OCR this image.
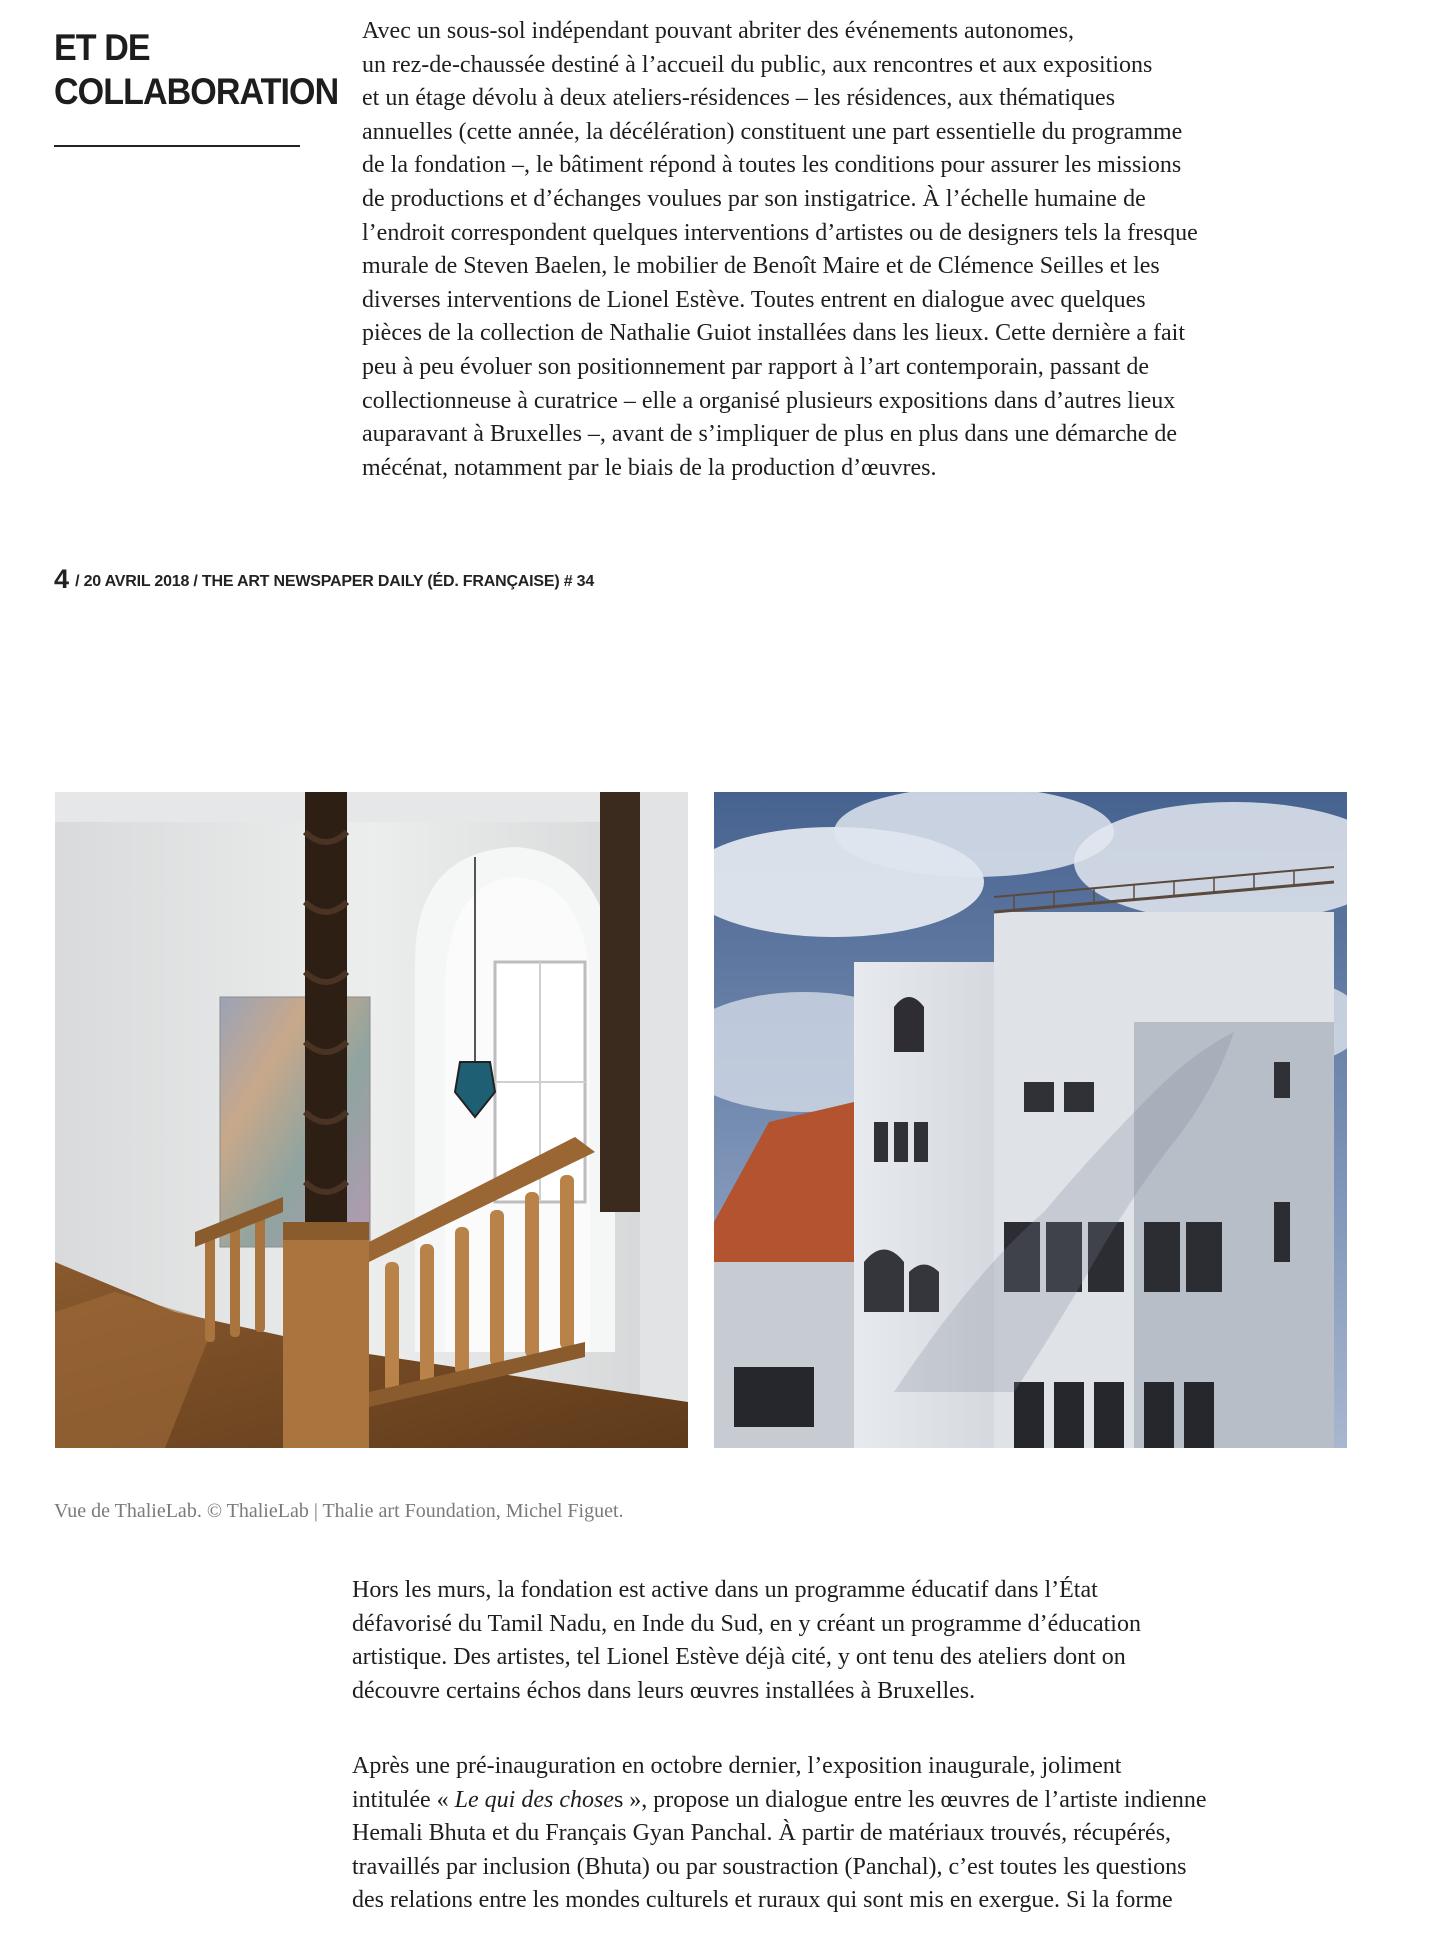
ET DE
COLLABORATION
Avec un sous-sol indépendant pouvant abriter des événements autonomes,
un rez-de-chaussée destiné à l’accueil du public, aux rencontres et aux expositions
et un étage dévolu à deux ateliers-résidences – les résidences, aux thématiques
annuelles (cette année, la décélération) constituent une part essentielle du programme
de la fondation –, le bâtiment répond à toutes les conditions pour assurer les missions
de productions et d’échanges voulues par son instigatrice. À l’échelle humaine de
l’endroit correspondent quelques interventions d’artistes ou de designers tels la fresque
murale de Steven Baelen, le mobilier de Benoît Maire et de Clémence Seilles et les
diverses interventions de Lionel Estève. Toutes entrent en dialogue avec quelques
pièces de la collection de Nathalie Guiot installées dans les lieux. Cette dernière a fait
peu à peu évoluer son positionnement par rapport à l’art contemporain, passant de
collectionneuse à curatrice – elle a organisé plusieurs expositions dans d’autres lieux
auparavant à Bruxelles –, avant de s’impliquer de plus en plus dans une démarche de
mécénat, notamment par le biais de la production d’œuvres.
4 / 20 AVRIL 2018 / THE ART NEWSPAPER DAILY (ÉD. FRANÇAISE) # 34
Vue de ThalieLab. © ThalieLab | Thalie art Foundation, Michel Figuet.
Hors les murs, la fondation est active dans un programme éducatif dans l’État
défavorisé du Tamil Nadu, en Inde du Sud, en y créant un programme d’éducation
artistique. Des artistes, tel Lionel Estève déjà cité, y ont tenu des ateliers dont on
découvre certains échos dans leurs œuvres installées à Bruxelles.
Après une pré-inauguration en octobre dernier, l’exposition inaugurale, joliment
intitulée « Le qui des choses », propose un dialogue entre les œuvres de l’artiste indienne
Hemali Bhuta et du Français Gyan Panchal. À partir de matériaux trouvés, récupérés,
travaillés par inclusion (Bhuta) ou par soustraction (Panchal), c’est toutes les questions
des relations entre les mondes culturels et ruraux qui sont mis en exergue. Si la forme
